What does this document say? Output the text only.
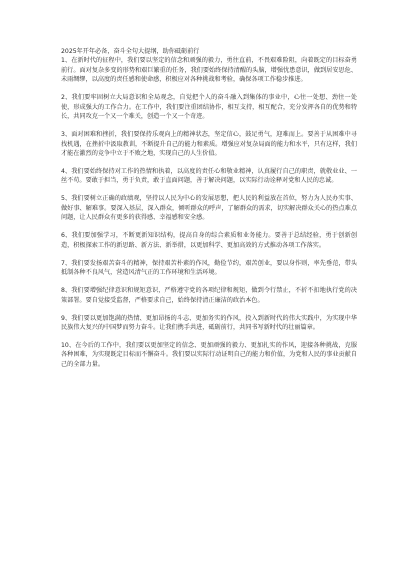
2025年开年必备，奋斗全句大提纲，助你砥砺前行

1、在新时代的征程中，我们要以坚定的信念和顽强的毅力，勇往直前，不畏艰难险阻，向着既定的目标奋勇前行。面对复杂多变的形势和艰巨繁重的任务，我们要始终保持清醒的头脑，增强忧患意识，做到居安思危、未雨绸缪，以高度的责任感和使命感，积极应对各种挑战和考验，确保各项工作稳步推进。

2、我们要牢固树立大局意识和全局观念，自觉把个人的奋斗融入到集体的事业中，心往一处想、劲往一处使，形成强大的工作合力。在工作中，我们要注重团结协作，相互支持，相互配合，充分发挥各自的优势和特长，共同攻克一个又一个难关，创造一个又一个奇迹。

3、面对困难和挫折，我们要保持乐观向上的精神状态，坚定信心，鼓足勇气，迎难而上。要善于从困难中寻找机遇，在挫折中汲取教训，不断提升自己的能力和素质。增强应对复杂局面的能力和水平，只有这样，我们才能在激烈的竞争中立于不败之地，实现自己的人生价值。

4、我们要始终保持对工作的热情和执着，以高度的责任心和敬业精神，认真履行自己的职责，就敬业业、一丝不苟。要敢于担当，勇于负责，敢于直面问题，善于解决问题，以实际行动诠释对党和人民的忠诚。

5、我们要树立正确的政绩观，坚持以人民为中心的发展思想，把人民的利益放在首位，努力为人民办实事、做好事、解难事。要深入基层，深入群众，倾听群众的呼声，了解群众的需求，切实解决群众关心的热点难点问题，让人民群众有更多的获得感、幸福感和安全感。

6、我们要加强学习，不断更新知识结构，提高自身的综合素质和业务能力。要善于总结经验，勇于创新创造，积极探索工作的新思路、新方法、新举措，以更加科学、更加高效的方式推动各项工作落实。

7、我们要发扬艰苦奋斗的精神，保持艰苦朴素的作风，勤俭节约，艰苦创业，要以身作则，率先垂范，带头抵制各种不良风气，营造风清气正的工作环境和生活环境。

8、我们要增强纪律意识和规矩意识，严格遵守党的各项纪律和规矩，做到令行禁止，不折不扣地执行党的决策部署。要自觉接受监督，严格要求自己，始终保持清正廉洁的政治本色。

9、我们要以更加饱满的热情、更加昂扬的斗志、更加务实的作风，投入到新时代的伟大实践中，为实现中华民族伟大复兴的中国梦而努力奋斗。让我们携手共进，砥砺前行，共同书写新时代的壮丽篇章。

10、在今后的工作中，我们要以更加坚定的信念、更加顽强的毅力、更加扎实的作风，迎接各种挑战，克服各种困难，为实现既定目标而不懈奋斗。我们要以实际行动证明自己的能力和价值，为党和人民的事业贡献自己的全部力量。
